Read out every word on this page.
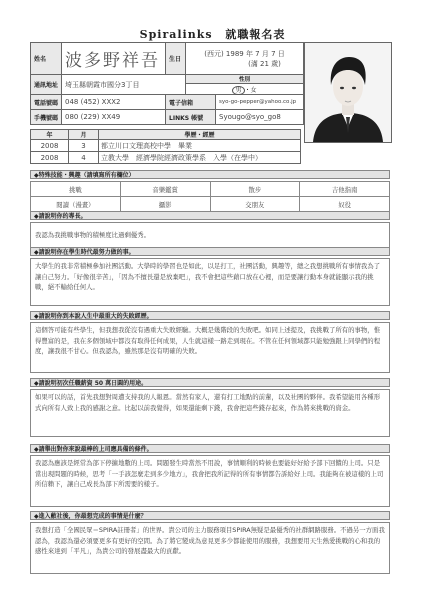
Spiralinks 就職報名表
姓名	波多野祥吾	生日	(西元) 1989 年 7 月 7 日
(滿 21 歲)	

通訊地址	埼玉縣朝霞市國分3丁目		性別	
			男 ・女	
電話號碼	048 (452) XXX2	電子信箱		syo-go-pepper@yahoo.co.jp
手機號碼	080 (229) XX49	LINKS 帳號		Syougo@syo_go8
年	月	學歷・經歷
2008	3	都立川口文理高校中學　畢業
2008	4	立教大學　經濟學院經濟政策學系　入學（在學中）
◆特殊技能・興趣（請填寫所有欄位）
挑戰	音樂鑑賞	散步	吉他指南
閱讀（漫畫）	攝影	交朋友	奴役
◆請說明你的專長。
我認為我挑戰事物的積極度比過剩優秀。
◆請說明你在學生時代最努力做的事。
大學生的我非常積極參加社團活動。大學時的學習也是如此，以足打工，社團活動，興趣等，總之我想挑戰所有事情我為了讓自己努力。「好像很辛苦」，「因為不擅長還是放棄吧」，我不會把這些藉口放在心裡，而是要讓行動本身就能顯示我的挑戰，絕不輸給任何人。
◆請說明你到本說人生中最重大的失敗經歷。
這個答可能有些學生，但我想我從沒有遇重大失敗經驗。大概是幾階段的失敗吧。如同上述提及，我挑戰了所有的事物，惟得豐富的是，我在多個領域中都沒有取得任何成果，人生就這樣一路走到現在。不管在任何領域都只能勉強跟上同學們的程度，讓我很不甘心。但我認為，雖然那是沒有明確的失敗。
◆請說明初次任職薪資 50 萬日圓的用途。
如果可以的話，首先我想對周遭支持我的人報恩。當然有家人，還有打工地點的前輩，以及社團的夥伴。我希望能用各種形式向所有人致上我的感謝之意。比起以前我覺得，如果還能剩下錢，我會把這些錢存起來，作為將來挑戰的資金。
◆請舉出對你來說最棒的上司應具備的條件。
我認為應該是經常為部下停擴地數的上司。問題發生時當然不用說，事情順利的時候也要能好好給予部下回饋的上司。只是當出現問題的時候，思考「一手該怎麼走到多少地方」，我會把我所記得的所有事情都告訴給好上司。我能夠在被這樣的上司所信賴下，讓自己成長為部下所需要的樣子。
◆進入敝社後，你最想完成的事情是什麼？
我想打造「全國民眾＝SPIRA註冊者」的世界。貴公司的主力服務項目SPIRA無疑是最優秀的社群網路服務。不過另一方面我認為，我認為還必須要更多有更好的空間。為了將它變成為意見更多少都能使用的服務，我想要用天生熱愛挑戰的心和我的感性來達到「平凡」，為貴公司的發展盡最大的貢獻。
